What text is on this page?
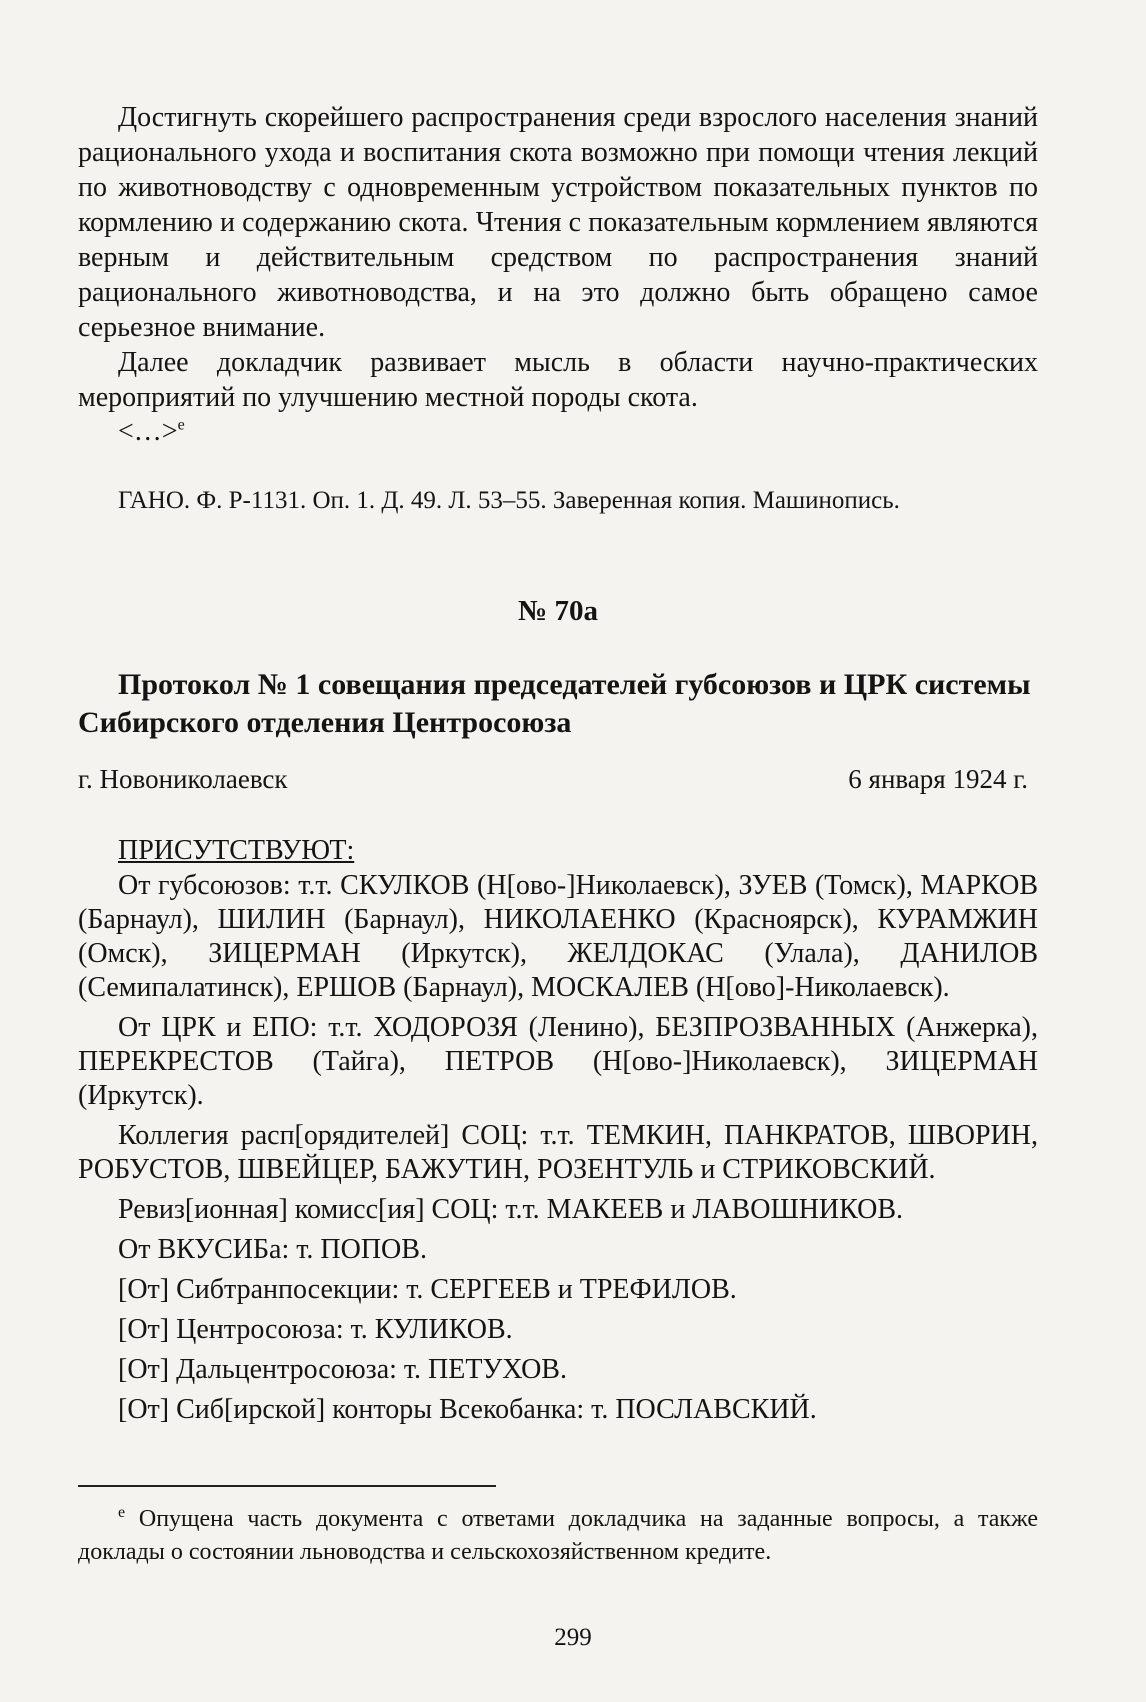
Достигнуть скорейшего распространения среди взрослого населения знаний рационального ухода и воспитания скота возможно при помощи чтения лекций по животноводству с одновременным устройством показательных пунктов по кормлению и содержанию скота. Чтения с показательным кормлением являются верным и действительным средством по распространения знаний рационального животноводства, и на это должно быть обращено самое серьезное внимание.

Далее докладчик развивает мысль в области научно-практических мероприятий по улучшению местной породы скота.

<…>$^е$

ГАНО. Ф. Р-1131. Оп. 1. Д. 49. Л. 53–55. Заверенная копия. Машинопись.

№ 70а

Протокол № 1 совещания председателей губсоюзов и ЦРК системы Сибирского отделения Центросоюза

г. Новониколаевск	6 января 1924 г.

ПРИСУТСТВУЮТ:

От губсоюзов: т.т. СКУЛКОВ (Н[ово-]Николаевск), ЗУЕВ (Томск), МАРКОВ (Барнаул), ШИЛИН (Барнаул), НИКОЛАЕНКО (Красноярск), КУРАМЖИН (Омск), ЗИЦЕРМАН (Иркутск), ЖЕЛДОКАС (Улала), ДАНИЛОВ (Семипалатинск), ЕРШОВ (Барнаул), МОСКАЛЕВ (Н[ово]-Николаевск).

От ЦРК и ЕПО: т.т. ХОДОРОЗЯ (Ленино), БЕЗПРОЗВАННЫХ (Анжерка), ПЕРЕКРЕСТОВ (Тайга), ПЕТРОВ (Н[ово-]Николаевск), ЗИЦЕРМАН (Иркутск).

Коллегия расп[орядителей] СОЦ: т.т. ТЕМКИН, ПАНКРАТОВ, ШВОРИН, РОБУСТОВ, ШВЕЙЦЕР, БАЖУТИН, РОЗЕНТУЛЬ и СТРИКОВСКИЙ.

Ревиз[ионная] комисс[ия] СОЦ: т.т. МАКЕЕВ и ЛАВОШНИКОВ.

От ВКУСИБа: т. ПОПОВ.

[От] Сибтранпосекции: т. СЕРГЕЕВ и ТРЕФИЛОВ.

[От] Центросоюза: т. КУЛИКОВ.

[От] Дальцентросоюза: т. ПЕТУХОВ.

[От] Сиб[ирской] конторы Всекобанка: т. ПОСЛАВСКИЙ.

$^е$ Опущена часть документа с ответами докладчика на заданные вопросы, а также доклады о состоянии льноводства и сельскохозяйственном кредите.

299
